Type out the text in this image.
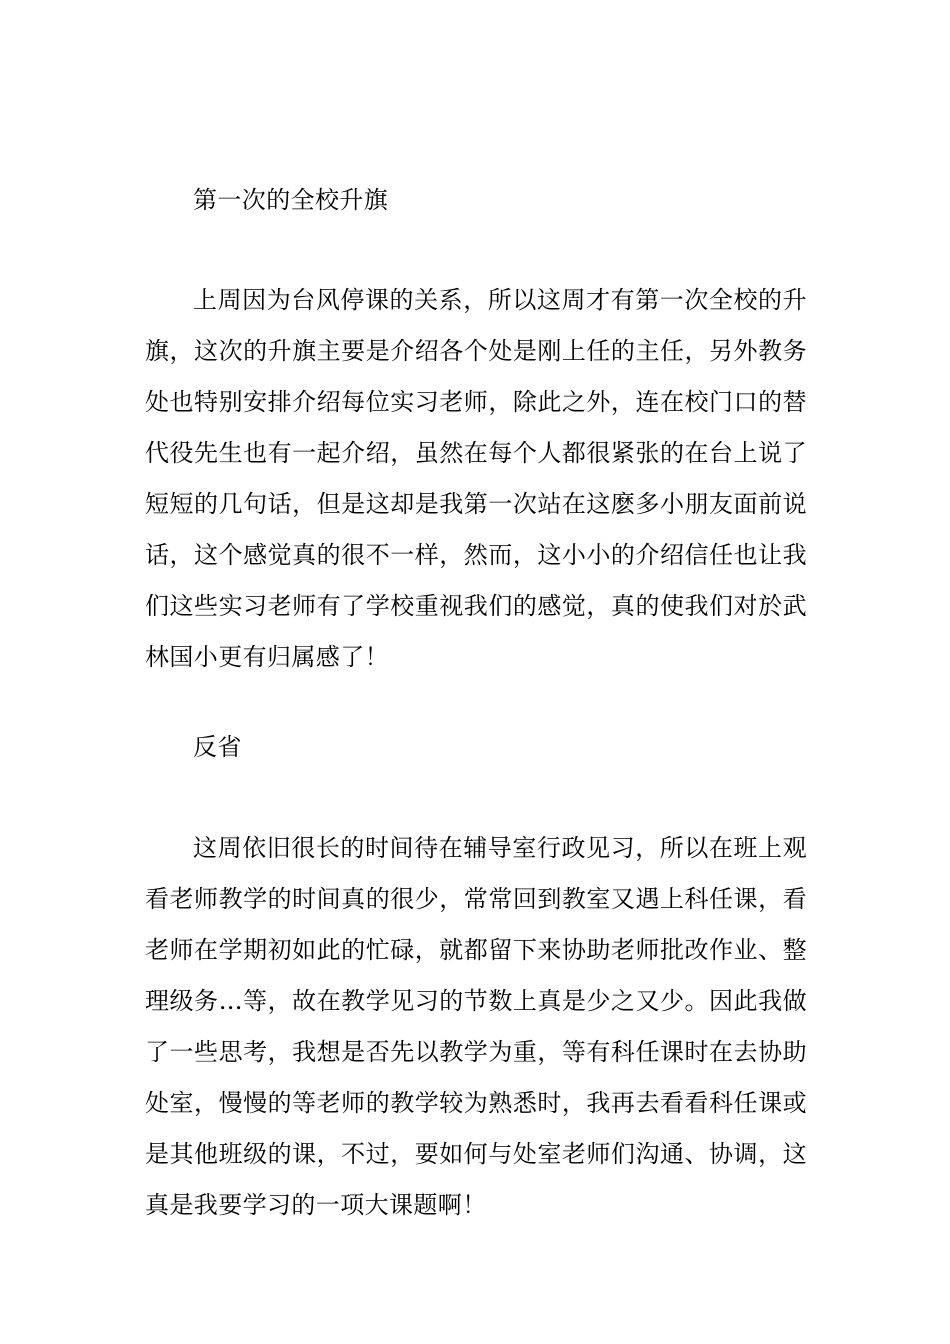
第一次的全校升旗

上周因为台风停课的关系，所以这周才有第一次全校的升旗，这次的升旗主要是介绍各个处是刚上任的主任，另外教务处也特别安排介绍每位实习老师，除此之外，连在校门口的替代役先生也有一起介绍，虽然在每个人都很紧张的在台上说了短短的几句话，但是这却是我第一次站在这麽多小朋友面前说话，这个感觉真的很不一样，然而，这小小的介绍信任也让我们这些实习老师有了学校重视我们的感觉，真的使我们对於武林国小更有归属感了！

反省

这周依旧很长的时间待在辅导室行政见习，所以在班上观看老师教学的时间真的很少，常常回到教室又遇上科任课，看老师在学期初如此的忙碌，就都留下来协助老师批改作业、整理级务…等，故在教学见习的节数上真是少之又少。因此我做了一些思考，我想是否先以教学为重，等有科任课时在去协助处室，慢慢的等老师的教学较为熟悉时，我再去看看科任课或是其他班级的课，不过，要如何与处室老师们沟通、协调，这真是我要学习的一项大课题啊！
